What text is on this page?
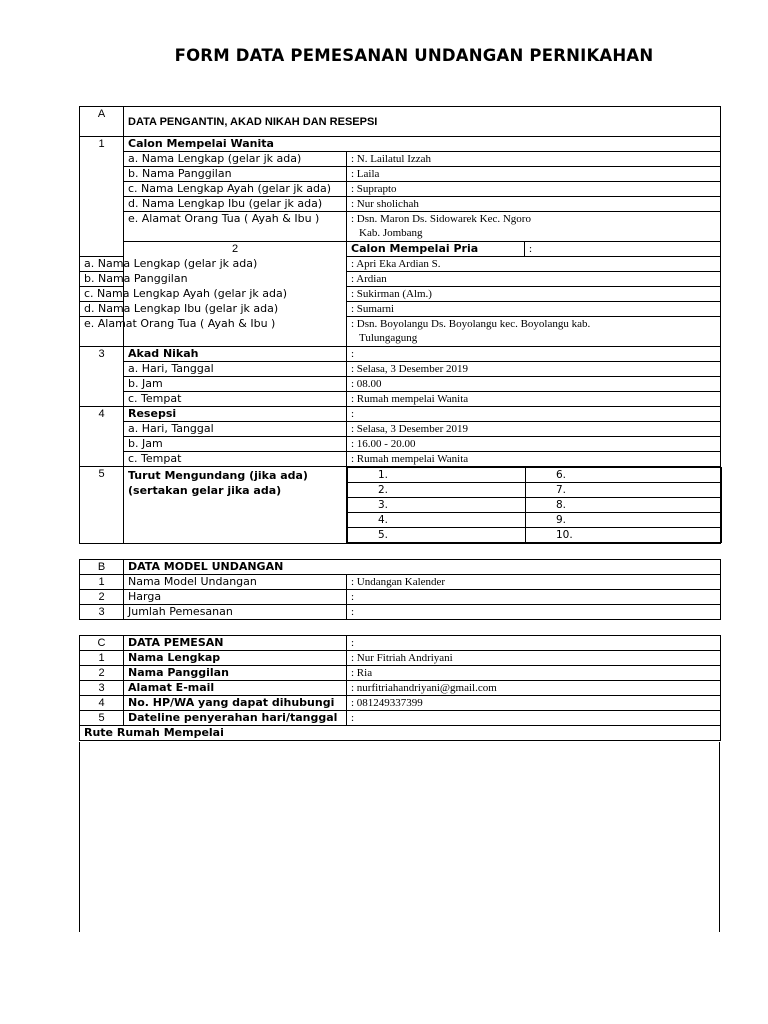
FORM DATA PEMESANAN UNDANGAN PERNIKAHAN
A	DATA PENGANTIN, AKAD NIKAH DAN RESEPSI
1	Calon Mempelai Wanita
a. Nama Lengkap (gelar jk ada)	: N. Lailatul Izzah
b. Nama Panggilan	: Laila
c. Nama Lengkap Ayah (gelar jk ada)	: Suprapto
d. Nama Lengkap Ibu (gelar jk ada)	: Nur sholichah
e. Alamat Orang Tua ( Ayah & Ibu )	: Dsn. Maron Ds. Sidowarek Kec. Ngoro
Kab. Jombang

2	Calon Mempelai Pria	:
a. Nama Lengkap (gelar jk ada)	: Apri Eka Ardian S.
b. Nama Panggilan	: Ardian
c. Nama Lengkap Ayah (gelar jk ada)	: Sukirman (Alm.)
d. Nama Lengkap Ibu (gelar jk ada)	: Sumarni
e. Alamat Orang Tua ( Ayah & Ibu )	: Dsn. Boyolangu Ds. Boyolangu kec. Boyolangu kab.
Tulungagung

3	Akad Nikah	:
a. Hari, Tanggal	: Selasa, 3 Desember 2019
b. Jam	: 08.00
c. Tempat	: Rumah mempelai Wanita
4	Resepsi	:
a. Hari, Tanggal	: Selasa, 3 Desember 2019
b. Jam	: 16.00 - 20.00
c. Tempat	: Rumah mempelai Wanita
5	Turut Mengundang (jika ada)
(sertakan gelar jika ada)

1.	6.
2.	7.
3.	8.
4.	9.
5.	10.
B	DATA MODEL UNDANGAN	
1	Nama Model Undangan	: Undangan Kalender
2	Harga	:
3	Jumlah Pemesanan	:
C	DATA PEMESAN	:
1	Nama Lengkap	: Nur Fitriah Andriyani
2	Nama Panggilan	: Ria
3	Alamat E-mail	: nurfitriahandriyani@gmail.com
4	No. HP/WA yang dapat dihubungi	: 081249337399
5	Dateline penyerahan hari/tanggal	:
Rute Rumah Mempelai		
